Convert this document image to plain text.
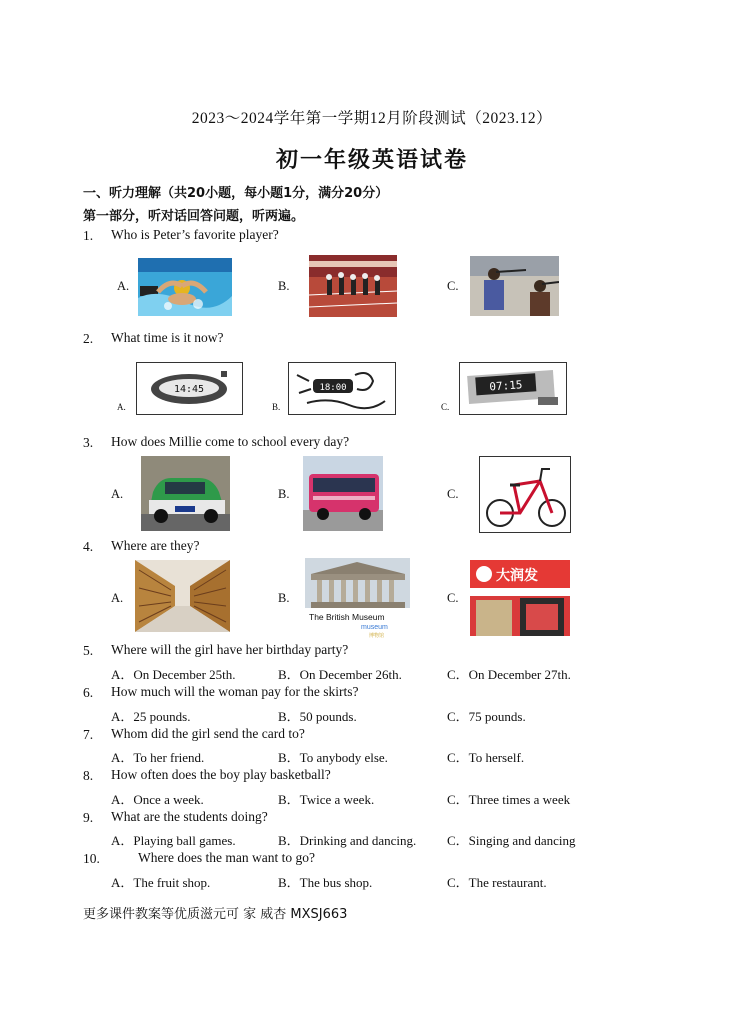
2023～2024学年第一学期12月阶段测试（2023.12）
初一年级英语试卷
一、听力理解（共20小题，每小题1分，满分20分）
第一部分，听对话回答问题，听两遍。
1. Who is Peter’s favorite player?
A.	B.	C.
2. What time is it now?
A.
14:45
B.
18:00
C.
07:15
3. How does Millie come to school every day?
A.	B.	C.
4. Where are they?
A.	B.
The British Museum
museum
博物馆
C.
大润发
5. Where will the girl have her birthday party?
A．On December 25th.	B．On December 26th.	C．On December 27th.
6. How much will the woman pay for the skirts?
A．25 pounds.	B．50 pounds.	C．75 pounds.
7. Whom did the girl send the card to?
A．To her friend.	B．To anybody else.	C．To herself.
8. How often does the boy play basketball?
A．Once a week.	B．Twice a week.	C．Three times a week
9. What are the students doing?
A．Playing ball games.	B．Drinking and dancing. C．Singing and dancing
10.	Where does the man want to go?
A．The fruit shop.	B．The bus shop.	C．The restaurant.
更多课件教案等优质滋元可 家 威杏 MXSJ663
